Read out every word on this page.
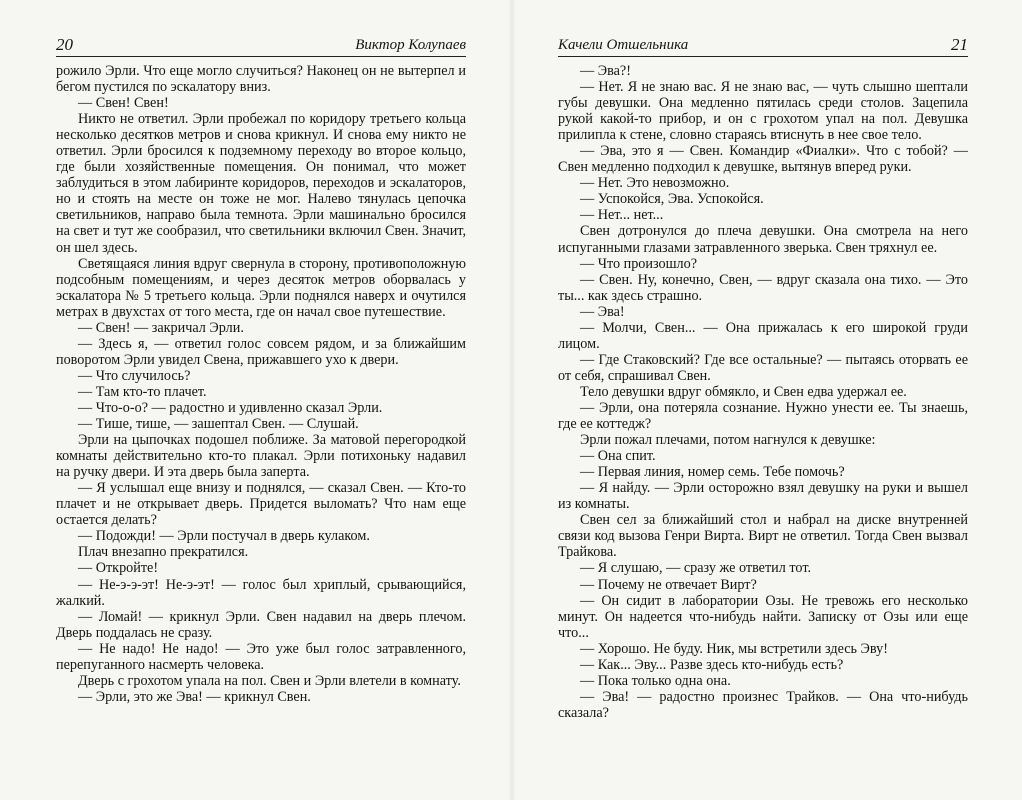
20	Виктор Колупаев

рожило Эрли. Что еще могло случиться? Наконец он не вытерпел и бегом пустился по эскалатору вниз.

— Свен! Свен!

Никто не ответил. Эрли пробежал по коридору третьего кольца несколько десятков метров и снова крикнул. И снова ему никто не ответил. Эрли бросился к подземному переходу во второе кольцо, где были хозяйственные помещения. Он понимал, что может заблудиться в этом лабиринте коридоров, переходов и эскалаторов, но и стоять на месте он тоже не мог. Налево тянулась цепочка светильников, направо была темнота. Эрли машинально бросился на свет и тут же сообразил, что светильники включил Свен. Значит, он шел здесь.

Светящаяся линия вдруг свернула в сторону, противоположную подсобным помещениям, и через десяток метров оборвалась у эскалатора № 5 третьего кольца. Эрли поднялся наверх и очутился метрах в двухстах от того места, где он начал свое путешествие.

— Свен! — закричал Эрли.

— Здесь я, — ответил голос совсем рядом, и за ближайшим поворотом Эрли увидел Свена, прижавшего ухо к двери.

— Что случилось?

— Там кто-то плачет.

— Что-о-о? — радостно и удивленно сказал Эрли.

— Тише, тише, — зашептал Свен. — Слушай.

Эрли на цыпочках подошел поближе. За матовой перегородкой комнаты действительно кто-то плакал. Эрли потихоньку надавил на ручку двери. И эта дверь была заперта.

— Я услышал еще внизу и поднялся, — сказал Свен. — Кто-то плачет и не открывает дверь. Придется выломать? Что нам еще остается делать?

— Подожди! — Эрли постучал в дверь кулаком.

Плач внезапно прекратился.

— Откройте!

— Не-э-э-эт! Не-э-эт! — голос был хриплый, срывающийся, жалкий.

— Ломай! — крикнул Эрли. Свен надавил на дверь плечом. Дверь поддалась не сразу.

— Не надо! Не надо! — Это уже был голос затравленного, перепуганного насмерть человека.

Дверь с грохотом упала на пол. Свен и Эрли влетели в комнату.

— Эрли, это же Эва! — крикнул Свен.

Качели Отшельника	21

— Эва?!

— Нет. Я не знаю вас. Я не знаю вас, — чуть слышно шептали губы девушки. Она медленно пятилась среди столов. Зацепила рукой какой-то прибор, и он с грохотом упал на пол. Девушка прилипла к стене, словно стараясь втиснуть в нее свое тело.

— Эва, это я — Свен. Командир «Фиалки». Что с тобой? — Свен медленно подходил к девушке, вытянув вперед руки.

— Нет. Это невозможно.

— Успокойся, Эва. Успокойся.

— Нет... нет...

Свен дотронулся до плеча девушки. Она смотрела на него испуганными глазами затравленного зверька. Свен тряхнул ее.

— Что произошло?

— Свен. Ну, конечно, Свен, — вдруг сказала она тихо. — Это ты... как здесь страшно.

— Эва!

— Молчи, Свен... — Она прижалась к его широкой груди лицом.

— Где Стаковский? Где все остальные? — пытаясь оторвать ее от себя, спрашивал Свен.

Тело девушки вдруг обмякло, и Свен едва удержал ее.

— Эрли, она потеряла сознание. Нужно унести ее. Ты знаешь, где ее коттедж?

Эрли пожал плечами, потом нагнулся к девушке:

— Она спит.

— Первая линия, номер семь. Тебе помочь?

— Я найду. — Эрли осторожно взял девушку на руки и вышел из комнаты.

Свен сел за ближайший стол и набрал на диске внутренней связи код вызова Генри Вирта. Вирт не ответил. Тогда Свен вызвал Трайкова.

— Я слушаю, — сразу же ответил тот.

— Почему не отвечает Вирт?

— Он сидит в лаборатории Озы. Не тревожь его несколько минут. Он надеется что-нибудь найти. Записку от Озы или еще что...

— Хорошо. Не буду. Ник, мы встретили здесь Эву!

— Как... Эву... Разве здесь кто-нибудь есть?

— Пока только одна она.

— Эва! — радостно произнес Трайков. — Она что-нибудь сказала?
